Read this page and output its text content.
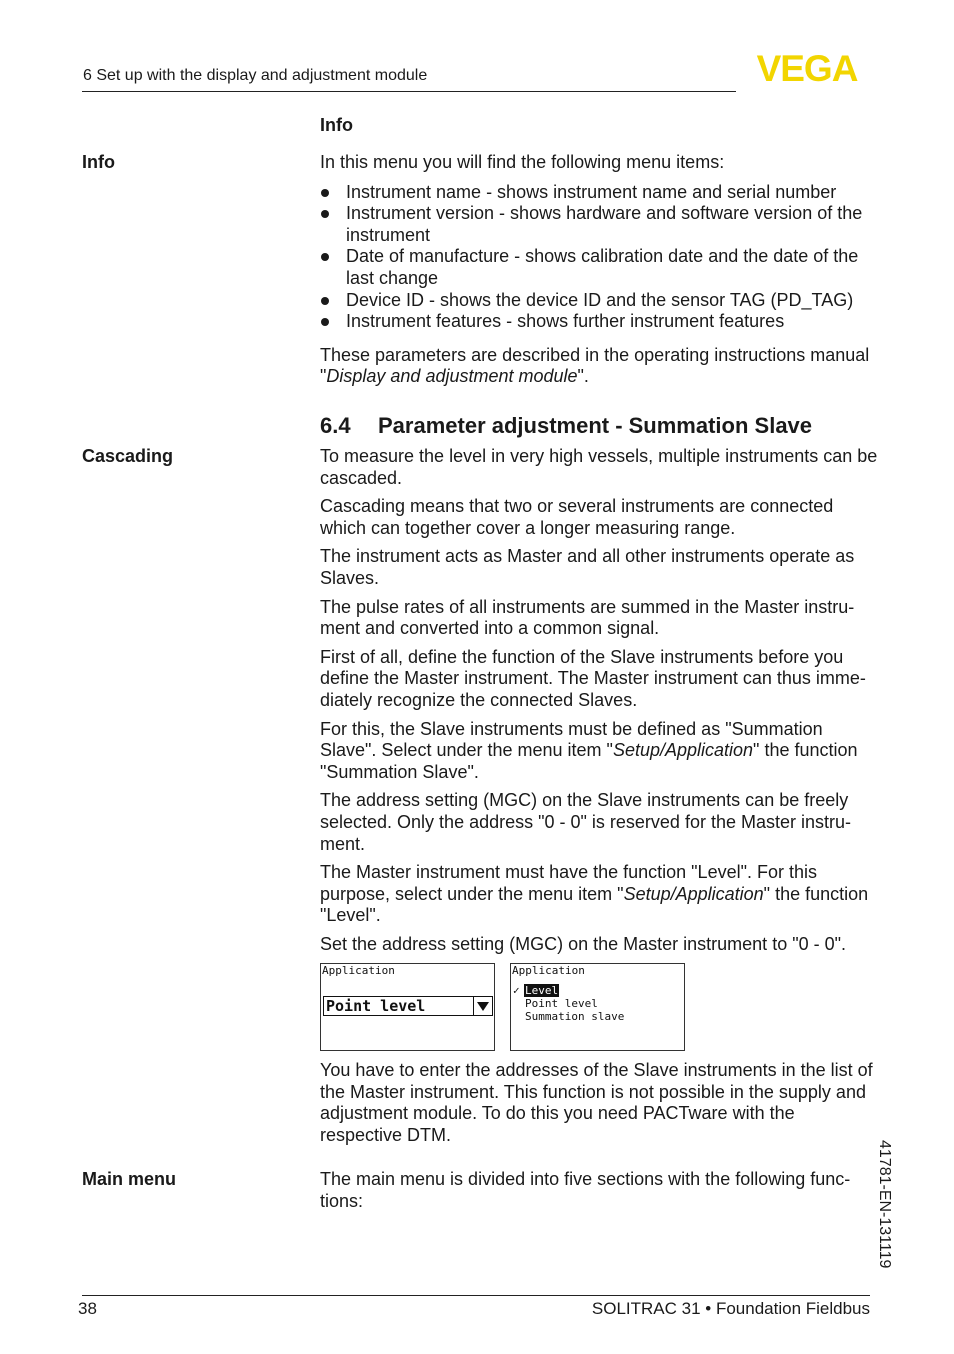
6 Set up with the display and adjustment module	VEGA
Info
Info	In this menu you will find the following menu items:

Instrument name - shows instrument name and serial number
Instrument version - shows hardware and software version of the instrument
Date of manufacture - shows calibration date and the date of the last change
Device ID - shows the device ID and the sensor TAG (PD_TAG)
Instrument features - shows further instrument features

These parameters are described in the operating instructions manual "Display and adjustment module".

6.4 Parameter adjustment - Summation Slave
Cascading	To measure the level in very high vessels, multiple instruments can be cascaded.

Cascading means that two or several instruments are connected which can together cover a longer measuring range.

The instrument acts as Master and all other instruments operate as Slaves.

The pulse rates of all instruments are summed in the Master instru-ment and converted into a common signal.

First of all, define the function of the Slave instruments before you define the Master instrument. The Master instrument can thus imme-diately recognize the connected Slaves.

For this, the Slave instruments must be defined as "Summation Slave". Select under the menu item "Setup/Application" the function "Summation Slave".

The address setting (MGC) on the Slave instruments can be freely selected. Only the address "0 - 0" is reserved for the Master instru-ment.

The Master instrument must have the function "Level". For this purpose, select under the menu item "Setup/Application" the function "Level".

Set the address setting (MGC) on the Master instrument to "0 - 0".

Application
Point level
Application
✓ Level
Point level
Summation slave
You have to enter the addresses of the Slave instruments in the list of the Master instrument. This function is not possible in the supply and adjustment module. To do this you need PACTware with the respective DTM.
Main menu	The main menu is divided into five sections with the following func-tions:	41781-EN-131119
38	SOLITRAC 31 • Foundation Fieldbus
